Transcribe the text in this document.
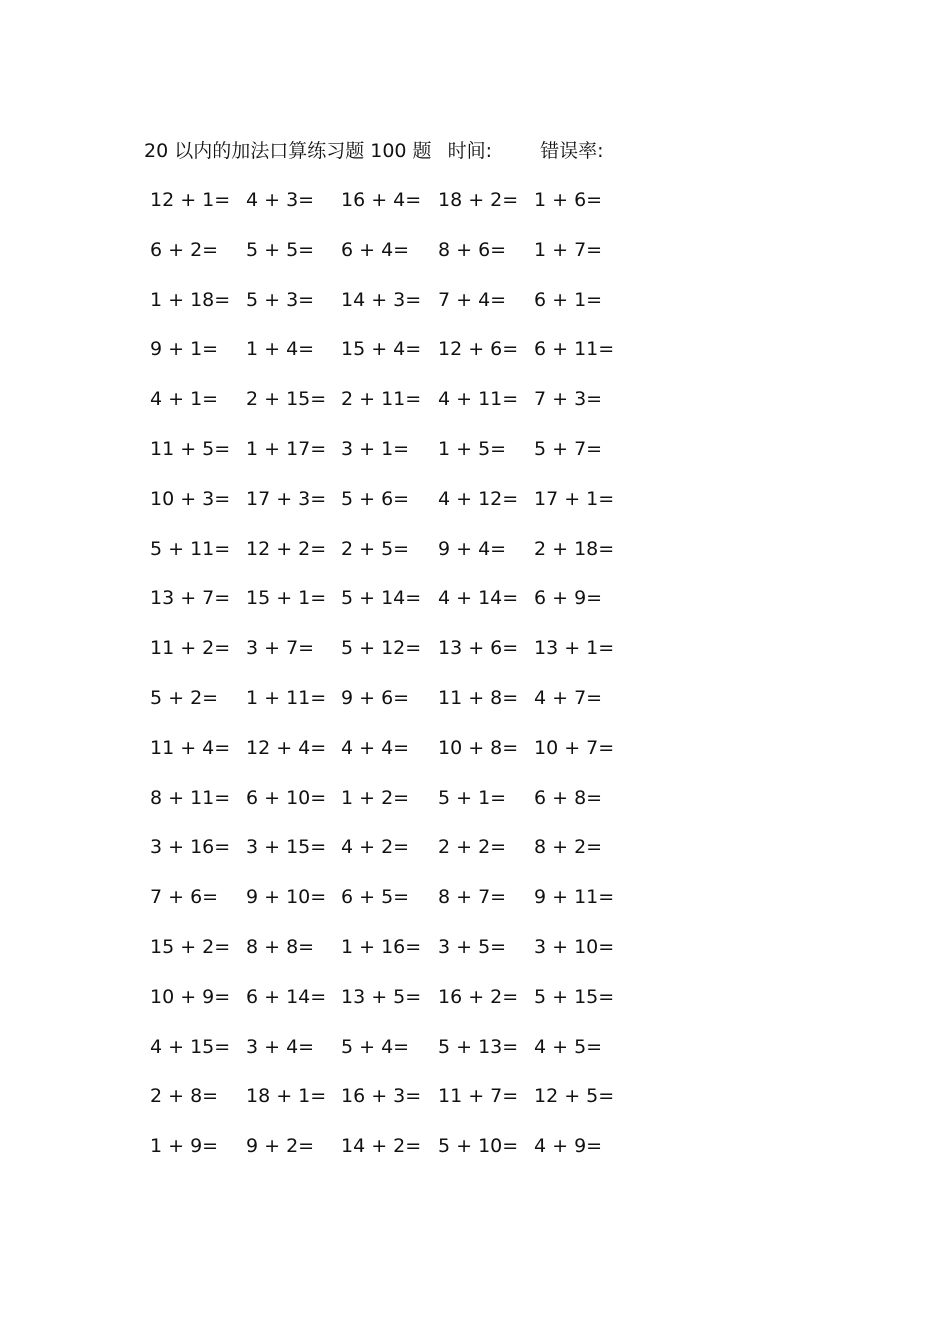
20 以内的加法口算练习题 100 题 时间:	错误率:
12 + 1= 4 + 3= 16 + 4= 18 + 2= 1 + 6=
6 + 2= 5 + 5= 6 + 4= 8 + 6= 1 + 7=
1 + 18= 5 + 3= 14 + 3= 7 + 4= 6 + 1=
9 + 1= 1 + 4= 15 + 4= 12 + 6= 6 + 11=
4 + 1= 2 + 15= 2 + 11= 4 + 11= 7 + 3=
11 + 5= 1 + 17= 3 + 1= 1 + 5= 5 + 7=
10 + 3= 17 + 3= 5 + 6= 4 + 12= 17 + 1=
5 + 11= 12 + 2= 2 + 5= 9 + 4= 2 + 18=
13 + 7= 15 + 1= 5 + 14= 4 + 14= 6 + 9=
11 + 2= 3 + 7= 5 + 12= 13 + 6= 13 + 1=
5 + 2= 1 + 11= 9 + 6= 11 + 8= 4 + 7=
11 + 4= 12 + 4= 4 + 4= 10 + 8= 10 + 7=
8 + 11= 6 + 10= 1 + 2= 5 + 1= 6 + 8=
3 + 16= 3 + 15= 4 + 2= 2 + 2= 8 + 2=
7 + 6= 9 + 10= 6 + 5= 8 + 7= 9 + 11=
15 + 2= 8 + 8= 1 + 16= 3 + 5= 3 + 10=
10 + 9= 6 + 14= 13 + 5= 16 + 2= 5 + 15=
4 + 15= 3 + 4= 5 + 4= 5 + 13= 4 + 5=
2 + 8= 18 + 1= 16 + 3= 11 + 7= 12 + 5=
1 + 9= 9 + 2= 14 + 2= 5 + 10= 4 + 9=
